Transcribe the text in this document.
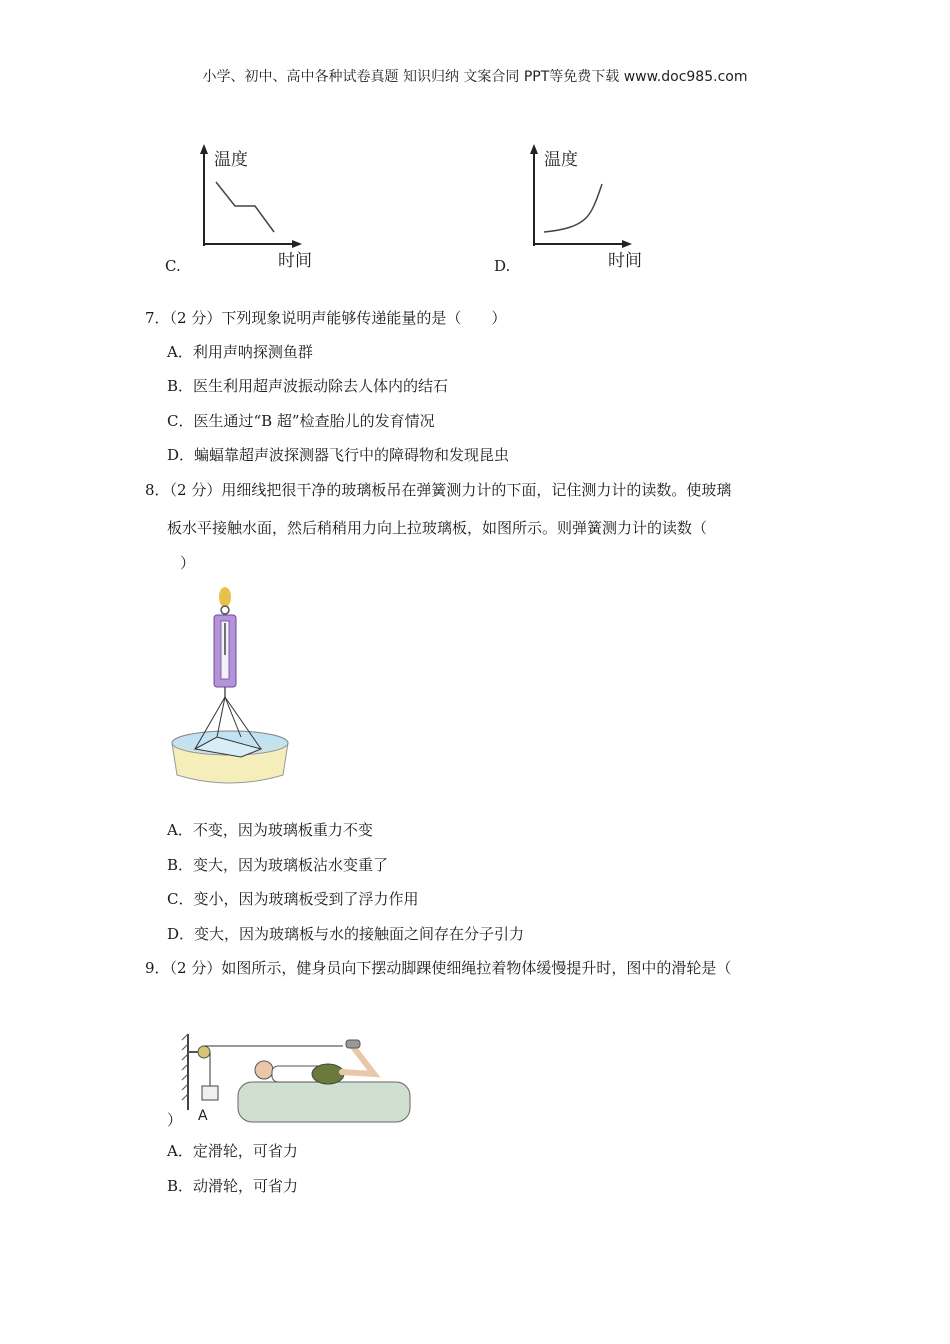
小学、初中、高中各种试卷真题 知识归纳 文案合同 PPT等免费下载 www.doc985.com
C.
温度
时间	D.
温度
时间
7．（2 分）下列现象说明声能够传递能量的是（　　）
A．利用声呐探测鱼群
B．医生利用超声波振动除去人体内的结石
C．医生通过“B 超”检查胎儿的发育情况
D．蝙蝠靠超声波探测器飞行中的障碍物和发现昆虫
8．（2 分）用细线把很干净的玻璃板吊在弹簧测力计的下面，记住测力计的读数。使玻璃
板水平接触水面，然后稍稍用力向上拉玻璃板，如图所示。则弹簧测力计的读数（
）
A．不变，因为玻璃板重力不变
B．变大，因为玻璃板沾水变重了
C．变小，因为玻璃板受到了浮力作用
D．变大，因为玻璃板与水的接触面之间存在分子引力
9．（2 分）如图所示，健身员向下摆动脚踝使细绳拉着物体缓慢提升时，图中的滑轮是（
A
）
A．定滑轮，可省力
B．动滑轮，可省力
